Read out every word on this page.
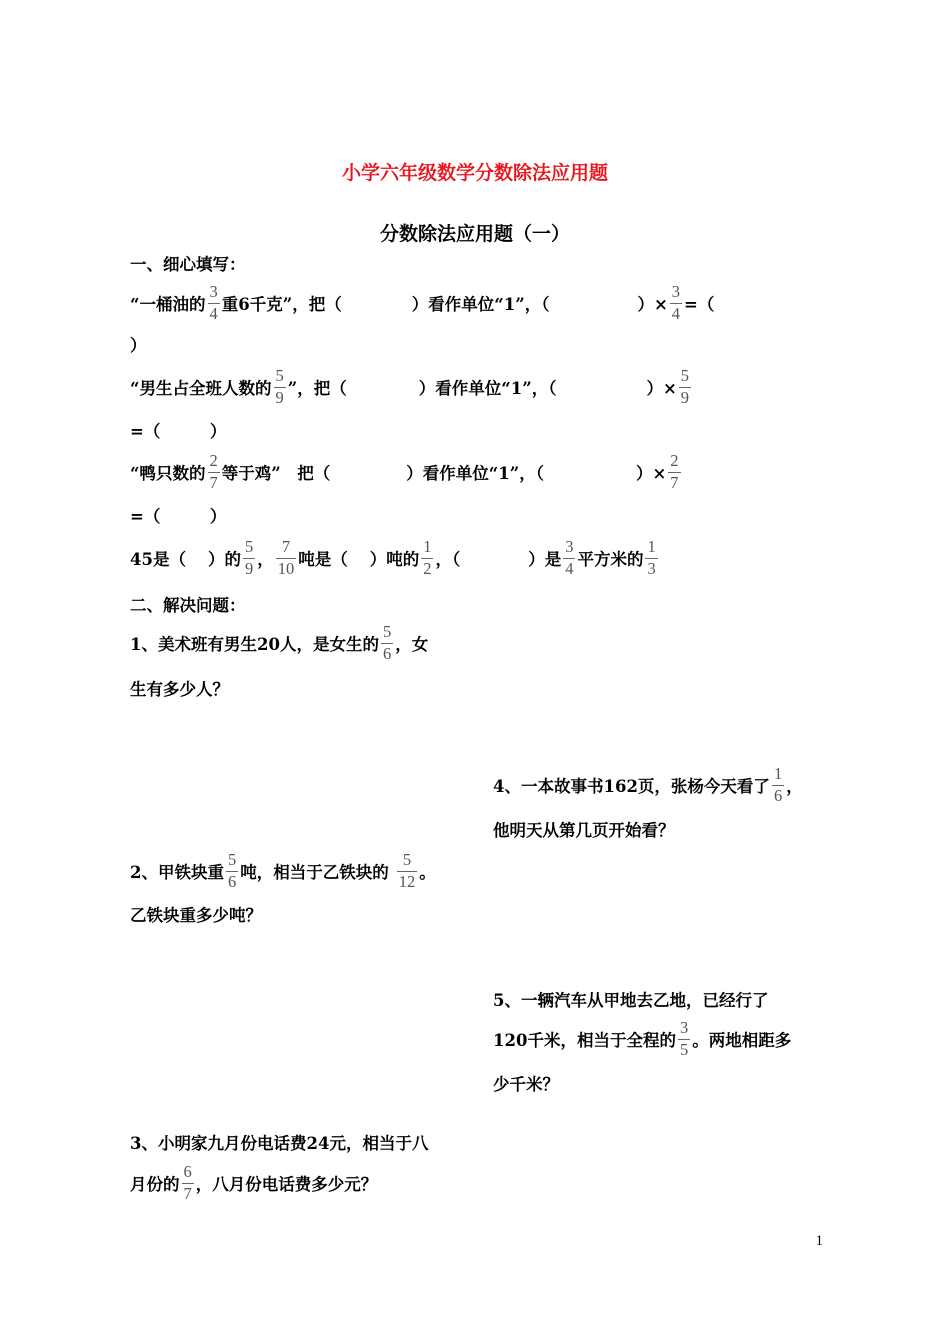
小学六年级数学分数除法应用题
分数除法应用题（一）
一、细心填写：
“一桶油的 $\frac{3}{4}$ 重6千克”，把（	）看作单位“1”，（	）× $\frac{3}{4}$ =（
）
“男生占全班人数的 $\frac{5}{9}$ ”，把（	）看作单位“1”，（	）× $\frac{5}{9}$
=（　　　）
“鸭只数的 $\frac{2}{7}$ 等于鸡”　把（	）看作单位“1”，（	）× $\frac{2}{7}$
=（　　　）
45是（ ）的 $\frac{5}{9}$ ， $\frac{7}{10}$ 吨是（ ）吨的 $\frac{1}{2}$ ，（	）是 $\frac{3}{4}$ 平方米的 $\frac{1}{3}$
二、解决问题：
1、美术班有男生20人，是女生的 $\frac{5}{6}$ ，女
生有多少人？
4、一本故事书162页，张杨今天看了 $\frac{1}{6}$ ，
他明天从第几页开始看？
2、甲铁块重 $\frac{5}{6}$ 吨，相当于乙铁块的 $\frac{5}{12}$ 。
乙铁块重多少吨？
5、一辆汽车从甲地去乙地，已经行了
120千米，相当于全程的 $\frac{3}{5}$ 。两地相距多
少千米？
3、小明家九月份电话费24元，相当于八
月份的 $\frac{6}{7}$ ，八月份电话费多少元？
1
